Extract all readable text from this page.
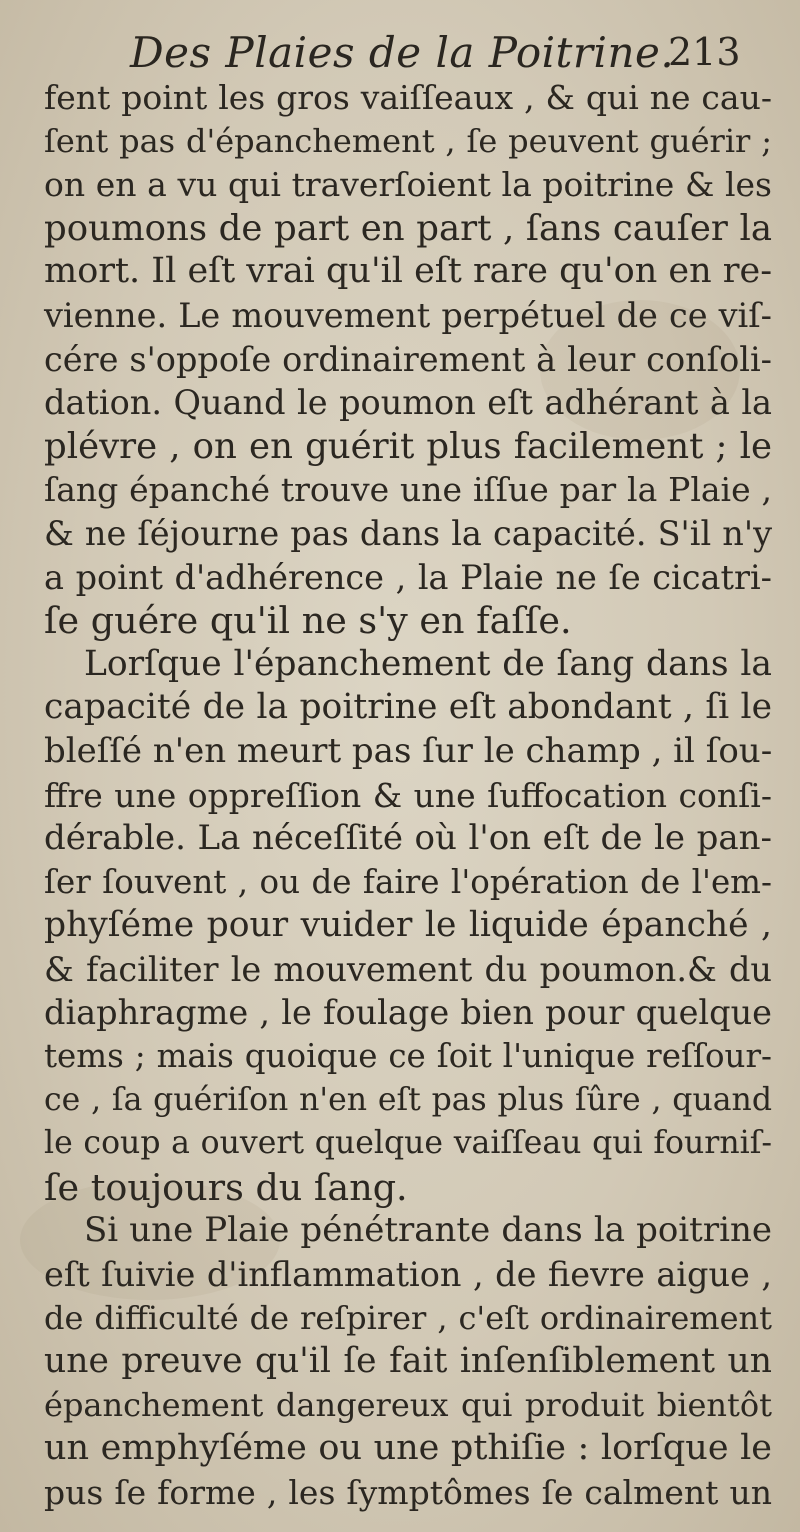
Des Plaies de la Poitrine.
213
fent point les gros vaiſſeaux , & qui ne cau-
ſent pas d'épanchement , ſe peuvent guérir ;
on en a vu qui traverſoient la poitrine & les
poumons de part en part , ſans cauſer la
mort. Il eſt vrai qu'il eſt rare qu'on en re-
vienne. Le mouvement perpétuel de ce viſ-
cére s'oppoſe ordinairement à leur conſoli-
dation. Quand le poumon eſt adhérant à la
plévre , on en guérit plus facilement ; le
ſang épanché trouve une iſſue par la Plaie ,
& ne ſéjourne pas dans la capacité. S'il n'y
a point d'adhérence , la Plaie ne ſe cicatri-
ſe guére qu'il ne s'y en faſſe.
Lorſque l'épanchement de ſang dans la
capacité de la poitrine eſt abondant , ſi le
bleſſé n'en meurt pas ſur le champ , il ſou-
ffre une oppreſſion & une ſuffocation conſi-
dérable. La néceſſité où l'on eſt de le pan-
ſer ſouvent , ou de faire l'opération de l'em-
phyſéme pour vuider le liquide épanché ,
& faciliter le mouvement du poumon.& du
diaphragme , le foulage bien pour quelque
tems ; mais quoique ce ſoit l'unique reſſour-
ce , ſa guériſon n'en eſt pas plus ſûre , quand
le coup a ouvert quelque vaiſſeau qui fourniſ-
ſe toujours du ſang.
Si une Plaie pénétrante dans la poitrine
eſt ſuivie d'inflammation , de fievre aigue ,
de difficulté de reſpirer , c'eſt ordinairement
une preuve qu'il ſe fait inſenſiblement un
épanchement dangereux qui produit bientôt
un emphyſéme ou une pthiſie : lorſque le
pus ſe forme , les ſymptômes ſe calment un
